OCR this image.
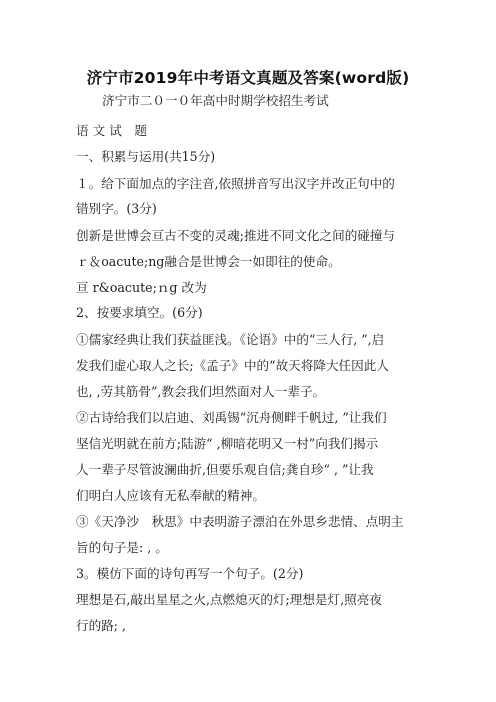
济宁市2019年中考语文真题及答案(word版)
济宁市二０一０年高中时期学校招生考试
语 文 试　题
一、积累与运用(共15分)
１。给下面加点的字注音,依照拼音写出汉字并改正句中的
错别字。(3分)
创新是世博会亘古不变的灵魂;推进不同文化之间的碰撞与
ｒ＆oacute;ng融合是世博会一如即往的使命。
亘 r&oacute;ｎg 改为
2、按要求填空。(6分)
①儒家经典让我们获益匪浅。《论语》中的“三人行, ”,启
发我们虚心取人之长;《孟子》中的“故天将降大任因此人
也, ,劳其筋骨”,教会我们坦然面对人一辈子。
②古诗给我们以启迪、刘禹锡“沉舟侧畔千帆过, ”让我们
坚信光明就在前方;陆游“ ,柳暗花明又一村”向我们揭示
人一辈子尽管波澜曲折,但要乐观自信;龚自珍“ , ”让我
们明白人应该有无私奉献的精神。
③《天净沙　秋思》中表明游子漂泊在外思乡悲情、点明主
旨的句子是: , 。
3。模仿下面的诗句再写一个句子。(2分)
理想是石,敲出星星之火,点燃熄灭的灯;理想是灯,照亮夜
行的路; ,
